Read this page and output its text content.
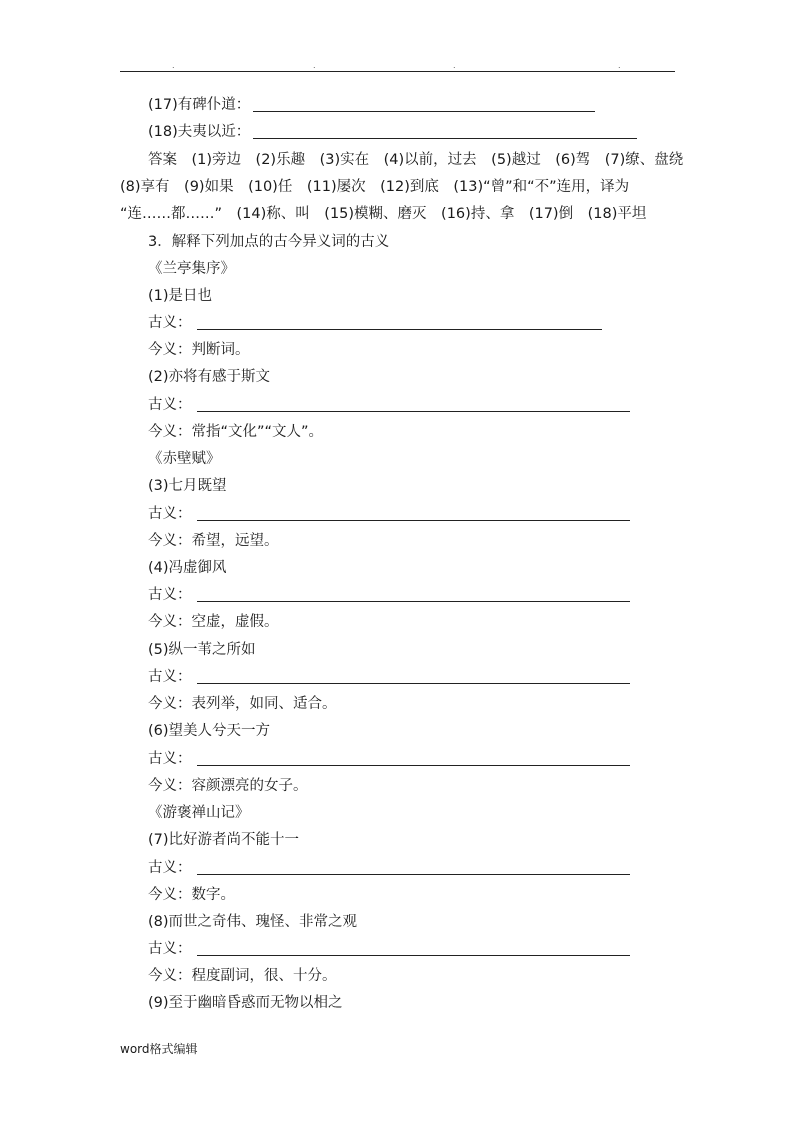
.	.	.	.
(17)有碑仆道：
(18)夫夷以近：
答案　(1)旁边　(2)乐趣　(3)实在　(4)以前，过去　(5)越过　(6)驾　(7)缭、盘绕
(8)享有　(9)如果　(10)任　(11)屡次　(12)到底　(13)“曾”和“不”连用，译为
“连……都……”　(14)称、叫　(15)模糊、磨灭　(16)持、拿　(17)倒　(18)平坦
3．解释下列加点的古今异义词的古义
《兰亭集序》
(1)是日也
古义：
今义：判断词。
(2)亦将有感于斯文
古义：
今义：常指“文化”“文人”。
《赤壁赋》
(3)七月既望
古义：
今义：希望，远望。
(4)冯虚御风
古义：
今义：空虚，虚假。
(5)纵一苇之所如
古义：
今义：表列举，如同、适合。
(6)望美人兮天一方
古义：
今义：容颜漂亮的女子。
《游褒禅山记》
(7)比好游者尚不能十一
古义：
今义：数字。
(8)而世之奇伟、瑰怪、非常之观
古义：
今义：程度副词，很、十分。
(9)至于幽暗昏惑而无物以相之
word格式编辑
